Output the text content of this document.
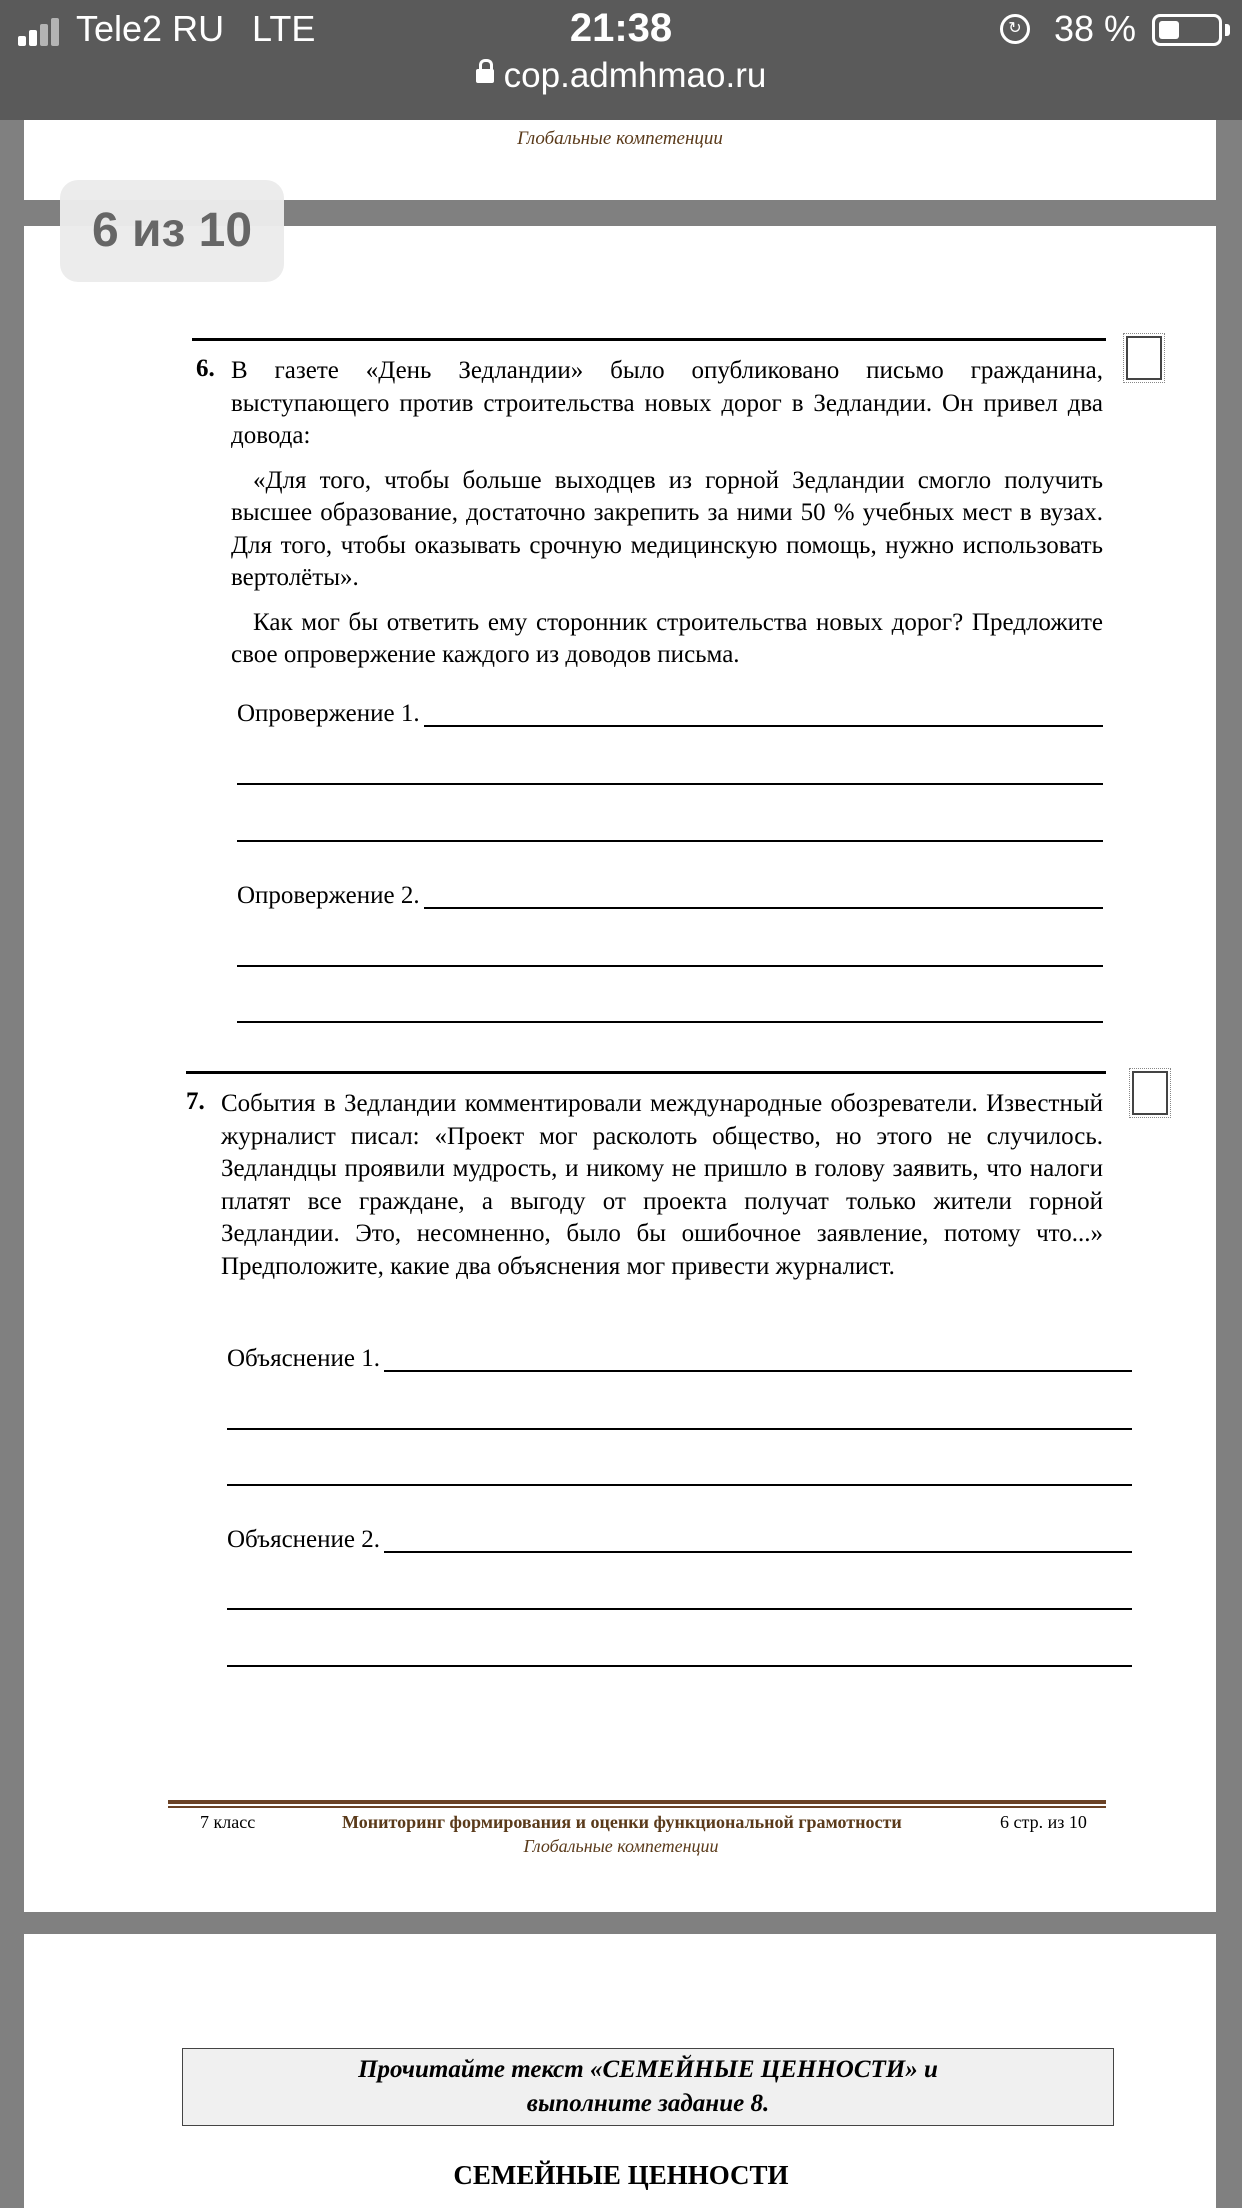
Tele2 RU LTE	21:38	↻ 38 %
cop.admhmao.ru
Глобальные компетенции
6. В газете «День Зедландии» было опубликовано письмо гражданина, выступающего против строительства новых дорог в Зедландии. Он привел два довода:

«Для того, чтобы больше выходцев из горной Зедландии смогло получить высшее образование, достаточно закрепить за ними 50 % учебных мест в вузах. Для того, чтобы оказывать срочную медицинскую помощь, нужно использовать вертолёты».

Как мог бы ответить ему сторонник строительства новых дорог? Предложите свое опровержение каждого из доводов письма.

Опровержение 1.
Опровержение 2.
7. События в Зедландии комментировали международные обозреватели. Известный журналист писал: «Проект мог расколоть общество, но этого не случилось. Зедландцы проявили мудрость, и никому не пришло в голову заявить, что налоги платят все граждане, а выгоду от проекта получат только жители горной Зедландии. Это, несомненно, было бы ошибочное заявление, потому что...» Предположите, какие два объяснения мог привести журналист.
Объяснение 1.
Объяснение 2.
7 класс	Мониторинг формирования и оценки функциональной грамотности	6 стр. из 10
Глобальные компетенции
Прочитайте текст «СЕМЕЙНЫЕ ЦЕННОСТИ» и
выполните задание 8.
СЕМЕЙНЫЕ ЦЕННОСТИ
6 из 10
